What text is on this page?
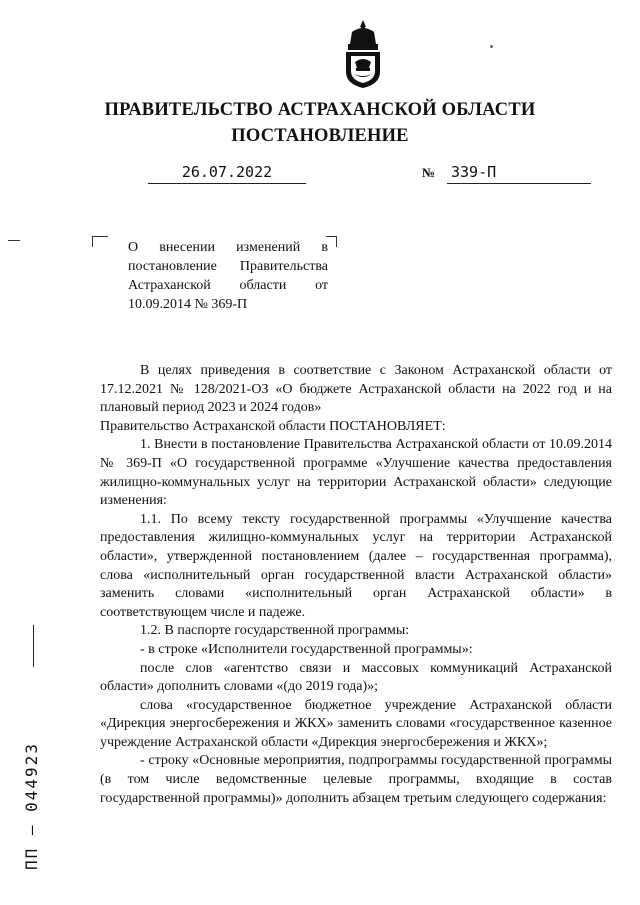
ПРАВИТЕЛЬСТВО АСТРАХАНСКОЙ ОБЛАСТИ
ПОСТАНОВЛЕНИЕ
26.07.2022	№ 339-П
О внесении изменений в постановление Правительства Астраханской области от 10.09.2014 № 369-П

В целях приведения в соответствие с Законом Астраханской области от 17.12.2021 № 128/2021-ОЗ «О бюджете Астраханской области на 2022 год и на плановый период 2023 и 2024 годов»

Правительство Астраханской области ПОСТАНОВЛЯЕТ:

1. Внести в постановление Правительства Астраханской области от 10.09.2014 № 369-П «О государственной программе «Улучшение качества предоставления жилищно-коммунальных услуг на территории Астраханской области» следующие изменения:

1.1. По всему тексту государственной программы «Улучшение качества предоставления жилищно-коммунальных услуг на территории Астраханской области», утвержденной постановлением (далее – государственная программа), слова «исполнительный орган государственной власти Астраханской области» заменить словами «исполнительный орган Астраханской области» в соответствующем числе и падеже.

1.2. В паспорте государственной программы:

- в строке «Исполнители государственной программы»:

после слов «агентство связи и массовых коммуникаций Астраханской области» дополнить словами «(до 2019 года)»;

слова «государственное бюджетное учреждение Астраханской области «Дирекция энергосбережения и ЖКХ» заменить словами «государственное казенное учреждение Астраханской области «Дирекция энергосбережения и ЖКХ»;

- строку «Основные мероприятия, подпрограммы государственной программы (в том числе ведомственные целевые программы, входящие в состав государственной программы)» дополнить абзацем третьим следующего содержания:

ПП – 044923
